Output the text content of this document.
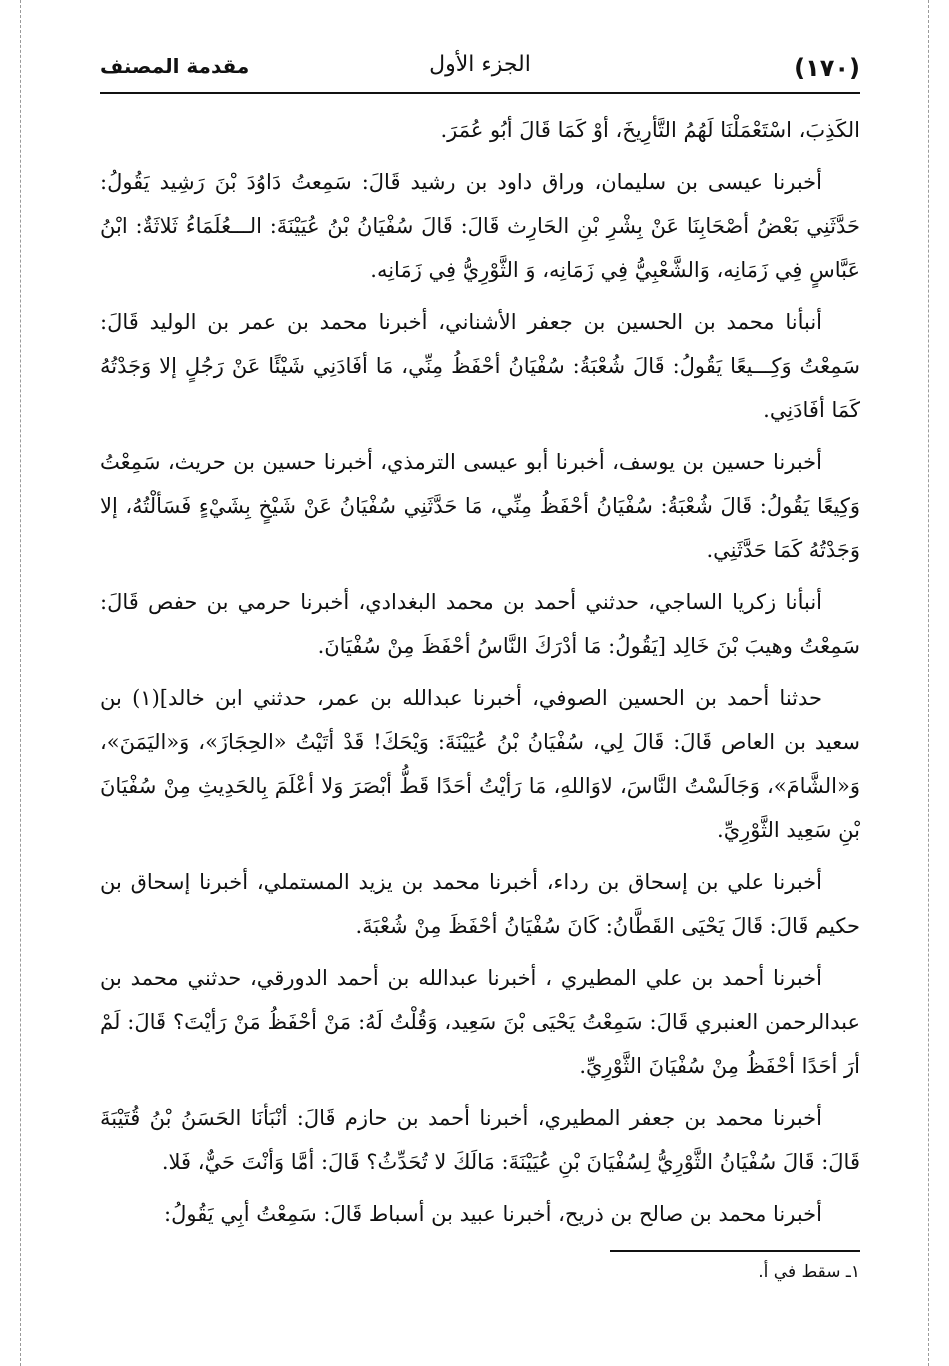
(١٧٠)
الجزء الأول
مقدمة المصنف

الكَذِبَ، اسْتَعْمَلْنَا لَهُمُ التَّأرِيخَ، أوْ كَمَا قَالَ أبُو عُمَرَ.

أخبرنا عيسى بن سليمان، وراق داود بن رشيد قَالَ: سَمِعتُ دَاوُدَ بْنَ رَشِيد يَقُولُ: حَدَّثَنِي بَعْضُ أصْحَابِنَا عَنْ بِشْرِ بْنِ الحَارِث قَالَ: قَالَ سُفْيَانُ بْنُ عُيَيْنَةَ: الـــعُلَمَاءُ ثَلاثَةٌ: ابْنُ عَبَّاسٍ فِي زَمَانِه، وَالشَّعْبِيُّ فِي زَمَانِه، وَ الثَّوْرِيُّ فِي زَمَانِه.

أنبأنا محمد بن الحسين بن جعفر الأشناني، أخبرنا محمد بن عمر بن الوليد قَالَ: سَمِعْتُ وَكِـــيعًا يَقُولُ: قَالَ شُعْبَةُ: سُفْيَانُ أحْفَظُ مِنِّي، مَا أفَادَنِي شَيْئًا عَنْ رَجُلٍ إلا وَجَدْتُهُ كَمَا أفَادَنِي.

أخبرنا حسين بن يوسف، أخبرنا أبو عيسى الترمذي، أخبرنا حسين بن حريث، سَمِعْتُ وَكِيعًا يَقُولُ: قَالَ شُعْبَةُ: سُفْيَانُ أحْفَظُ مِنِّي، مَا حَدَّثَنِي سُفْيَانُ عَنْ شَيْخٍ بِشَيْءٍ فَسَألْتُهُ، إلا وَجَدْتُهُ كَمَا حَدَّثَنِي.

أنبأنا زكريا الساجي، حدثني أحمد بن محمد البغدادي، أخبرنا حرمي بن حفص قَالَ: سَمِعْتُ وهيبَ بْنَ خَالِد [يَقُولُ: مَا أدْرَكَ النَّاسُ أحْفَظَ مِنْ سُفْيَانَ.

حدثنا أحمد بن الحسين الصوفي، أخبرنا عبدالله بن عمر، حدثني ابن خالد](١) بن سعيد بن العاص قَالَ: قَالَ لِي، سُفْيَانُ بْنُ عُيَيْنَةَ: وَيْحَكَ! قَدْ أتَيْتُ «الحِجَازَ»، وَ«اليَمَنَ»، وَ«الشَّامَ»، وَجَالَسْتُ النَّاسَ، لاوَاللهِ، مَا رَأيْتُ أحَدًا قَطُّ أبْصَرَ وَلا أعْلَمَ بِالحَدِيثِ مِنْ سُفْيَانَ بْنِ سَعِيد الثَّوْرِيِّ.

أخبرنا علي بن إسحاق بن رداء، أخبرنا محمد بن يزيد المستملي، أخبرنا إسحاق بن حكيم قَالَ: قَالَ يَحْيَى القَطَّانُ: كَانَ سُفْيَانُ أحْفَظَ مِنْ شُعْبَةَ.

أخبرنا أحمد بن علي المطيري ، أخبرنا عبدالله بن أحمد الدورقي، حدثني محمد بن عبدالرحمن العنبري قَالَ: سَمِعْتُ يَحْيَى بْنَ سَعِيد، وَقُلْتُ لَهُ: مَنْ أحْفَظُ مَنْ رَأيْتَ؟ قَالَ: لَمْ أرَ أحَدًا أحْفَظُ مِنْ سُفْيَانَ الثَّوْرِيِّ.

أخبرنا محمد بن جعفر المطيري، أخبرنا أحمد بن حازم قَالَ: أنْبَأنَا الحَسَنُ بْنُ قُتَيْبَةَ قَالَ: قَالَ سُفْيَانُ الثَّوْرِيُّ لِسُفْيَانَ بْنِ عُيَيْنَةَ: مَالَكَ لا تُحَدِّثُ؟ قَالَ: أمَّا وَأنْتَ حَيٌّ، فَلا.

أخبرنا محمد بن صالح بن ذريح، أخبرنا عبيد بن أسباط قَالَ: سَمِعْتُ أبِي يَقُولُ:

١ـ سقط في أ.
